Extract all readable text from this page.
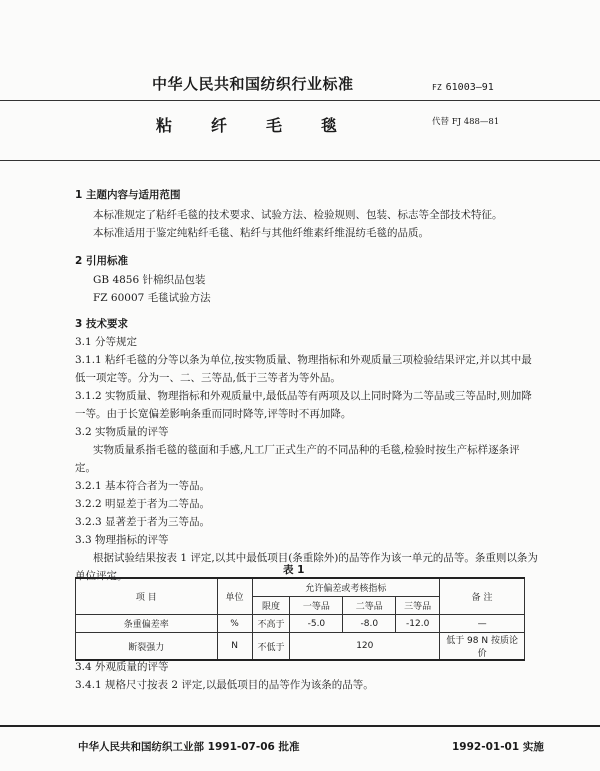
中华人民共和国纺织行业标准	FZ 61003—91
粘纤毛毯	代替 FJ 488—81
1 主题内容与适用范围
本标准规定了粘纤毛毯的技术要求、试验方法、检验规则、包装、标志等全部技术特征。
本标准适用于鉴定纯粘纤毛毯、粘纤与其他纤维素纤维混纺毛毯的品质。
2 引用标准
GB 4856 针棉织品包装
FZ 60007 毛毯试验方法
3 技术要求
3.1 分等规定
3.1.1 粘纤毛毯的分等以条为单位,按实物质量、物理指标和外观质量三项检验结果评定,并以其中最
低一项定等。分为一、二、三等品,低于三等者为等外品。
3.1.2 实物质量、物理指标和外观质量中,最低品等有两项及以上同时降为二等品或三等品时,则加降
一等。由于长宽偏差影响条重而同时降等,评等时不再加降。
3.2 实物质量的评等
实物质量系指毛毯的毯面和手感,凡工厂正式生产的不同品种的毛毯,检验时按生产标样逐条评
定。
3.2.1 基本符合者为一等品。
3.2.2 明显差于者为二等品。
3.2.3 显著差于者为三等品。
3.3 物理指标的评等
根据试验结果按表 1 评定,以其中最低项目(条重除外)的品等作为该一单元的品等。条重则以条为
单位评定。	表 1
项 目	单位	允许偏差或考核指标				备 注
		限度	一等品	二等品	三等品	
条重偏差率	%	不高于	-5.0	-8.0	-12.0	—
断裂强力	N	不低于	120			低于 98 N 按质论价
3.4 外观质量的评等
3.4.1 规格尺寸按表 2 评定,以最低项目的品等作为该条的品等。
中华人民共和国纺织工业部 1991-07-06 批准	1992-01-01 实施
